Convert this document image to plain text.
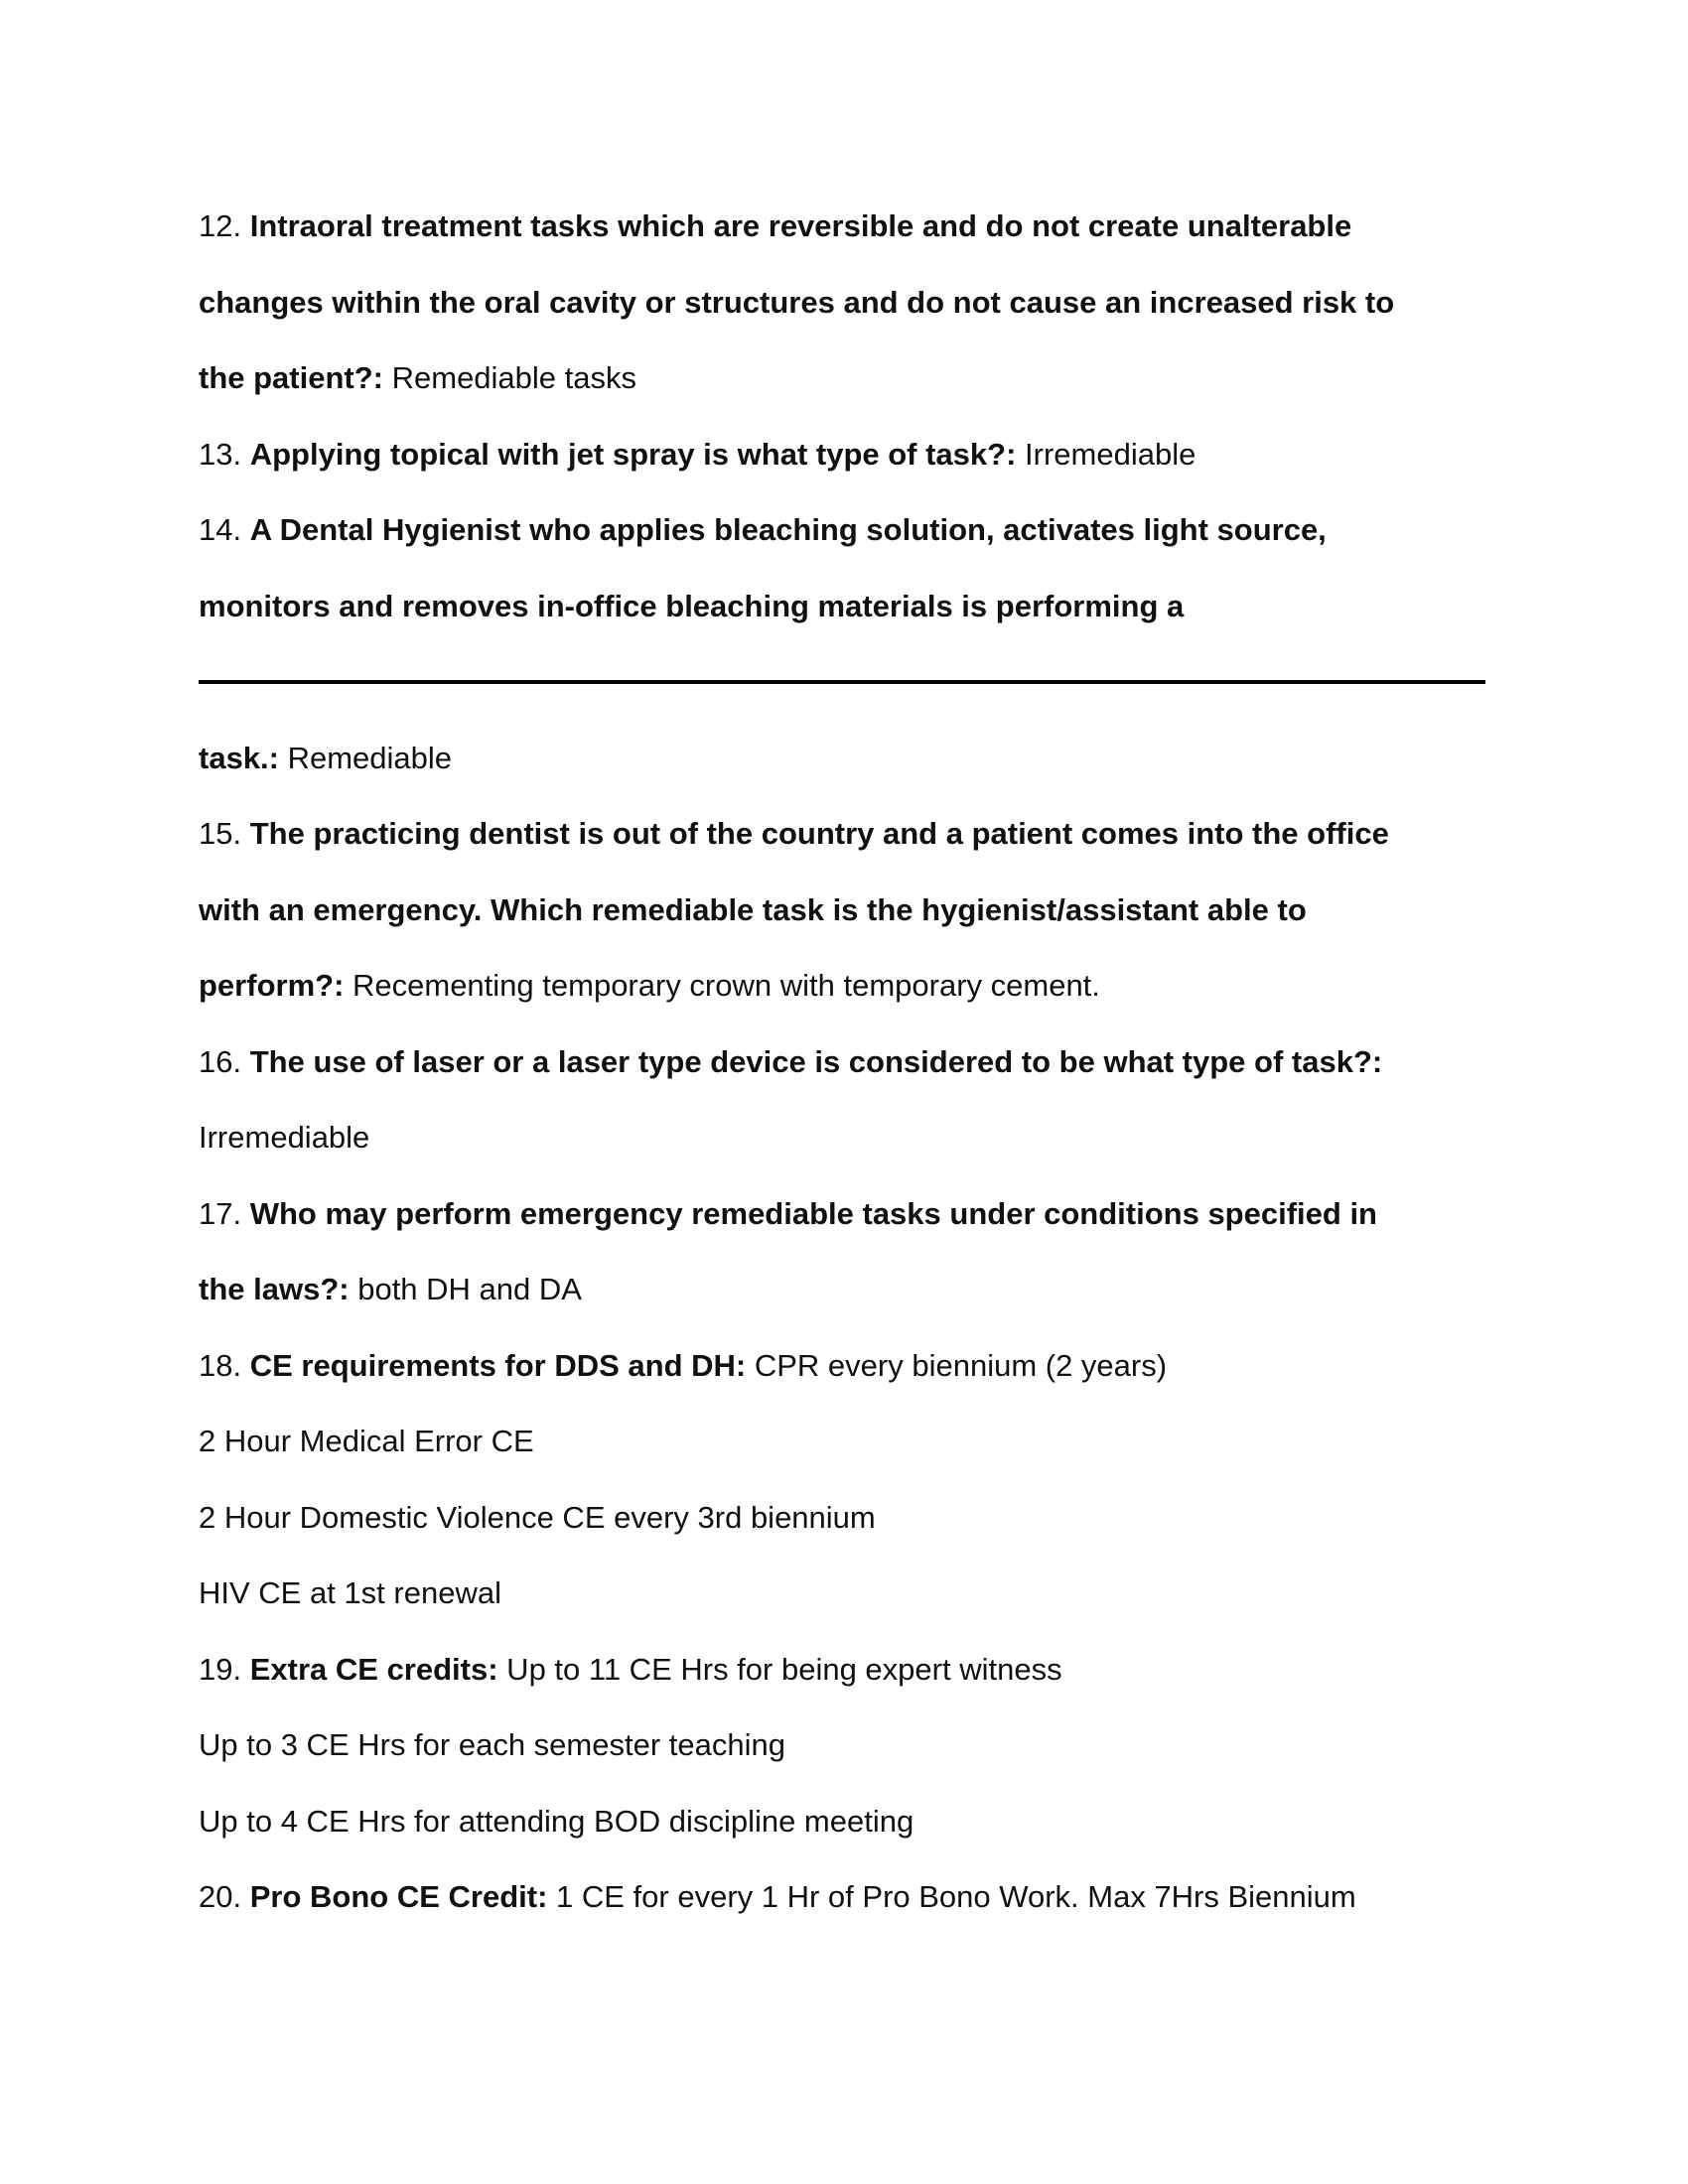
12. Intraoral treatment tasks which are reversible and do not create unalterable
changes within the oral cavity or structures and do not cause an increased risk to
the patient?: Remediable tasks
13. Applying topical with jet spray is what type of task?: Irremediable
14. A Dental Hygienist who applies bleaching solution, activates light source,
monitors and removes in-office bleaching materials is performing a
task.: Remediable
15. The practicing dentist is out of the country and a patient comes into the office
with an emergency. Which remediable task is the hygienist/assistant able to
perform?: Recementing temporary crown with temporary cement.
16. The use of laser or a laser type device is considered to be what type of task?:
Irremediable
17. Who may perform emergency remediable tasks under conditions specified in
the laws?: both DH and DA
18. CE requirements for DDS and DH: CPR every biennium (2 years)
2 Hour Medical Error CE
2 Hour Domestic Violence CE every 3rd biennium
HIV CE at 1st renewal
19. Extra CE credits: Up to 11 CE Hrs for being expert witness
Up to 3 CE Hrs for each semester teaching
Up to 4 CE Hrs for attending BOD discipline meeting
20. Pro Bono CE Credit: 1 CE for every 1 Hr of Pro Bono Work. Max 7Hrs Biennium
